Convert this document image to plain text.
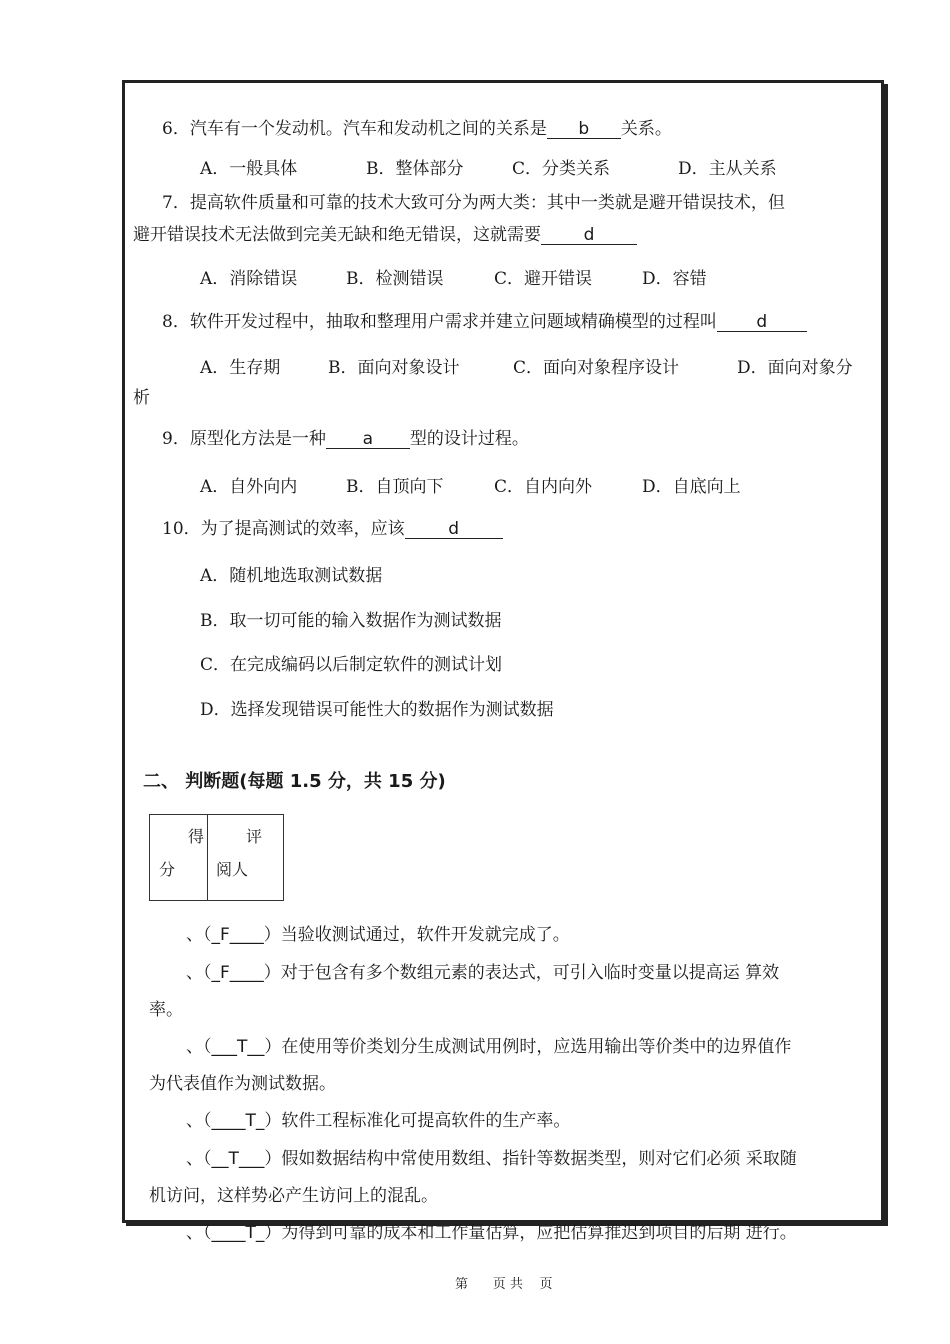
6．汽车有一个发动机。汽车和发动机之间的关系是 b 关系。
A．一般具体	B．整体部分	C．分类关系	D．主从关系
7．提高软件质量和可靠的技术大致可分为两大类：其中一类就是避开错误技术，但
避开错误技术无法做到完美无缺和绝无错误，这就需要	d
A．消除错误	B．检测错误	C．避开错误	D．容错
8．软件开发过程中，抽取和整理用户需求并建立问题域精确模型的过程叫 d
A．生存期	B．面向对象设计	C．面向对象程序设计	D．面向对象分
析
9．原型化方法是一种 a 型的设计过程。
A．自外向内	B．自顶向下	C．自内向外	D．自底向上
10．为了提高测试的效率，应该	d
A．随机地选取测试数据
B．取一切可能的输入数据作为测试数据
C．在完成编码以后制定软件的测试计划
D．选择发现错误可能性大的数据作为测试数据
二、 判断题(每题 1.5 分，共 15 分)
得	评
分	阅人
、（_F____）当验收测试通过，软件开发就完成了。
、（_F____）对于包含有多个数组元素的表达式，可引入临时变量以提高运 算效
率。
、（___T__）在使用等价类划分生成测试用例时，应选用输出等价类中的边界值作
为代表值作为测试数据。
、（____T_）软件工程标准化可提高软件的生产率。
、（__T___）假如数据结构中常使用数组、指针等数据类型，则对它们必须 采取随
机访问，这样势必产生访问上的混乱。
、（____T_）为得到可靠的成本和工作量估算，应把估算推迟到项目的后期 进行。
第      页 共    页
